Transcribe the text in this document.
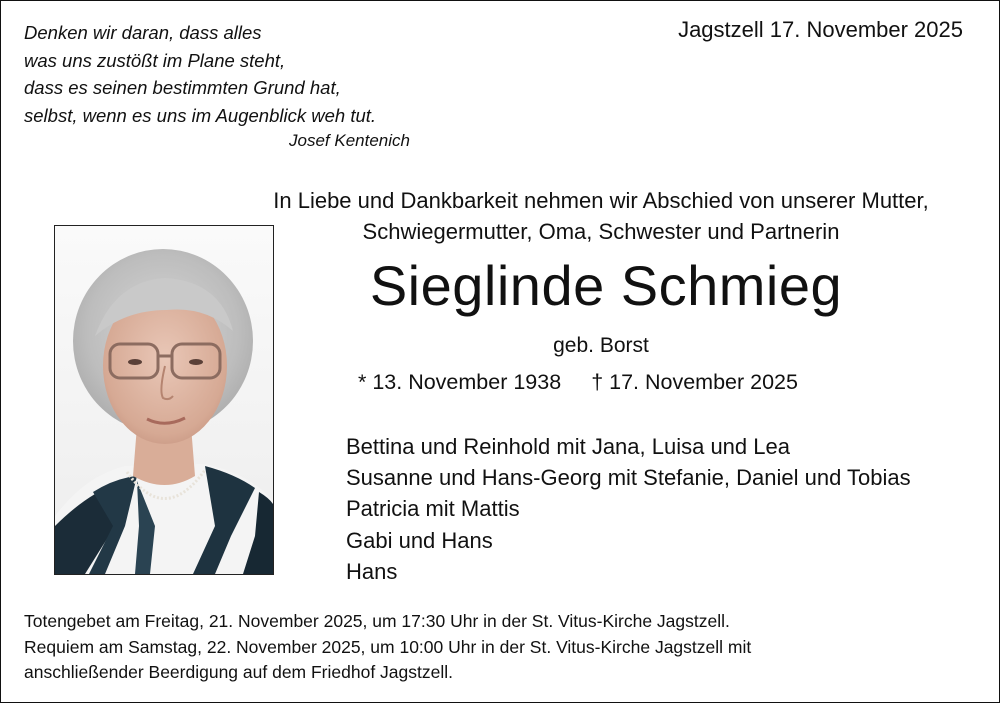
Denken wir daran, dass alles
was uns zustößt im Plane steht,
dass es seinen bestimmten Grund hat,
selbst, wenn es uns im Augenblick weh tut.
Josef Kentenich
Jagstzell 17. November 2025
In Liebe und Dankbarkeit nehmen wir Abschied von unserer Mutter,
Schwiegermutter, Oma, Schwester und Partnerin
Sieglinde Schmieg
geb. Borst
* 13. November 1938 † 17. November 2025
Bettina und Reinhold mit Jana, Luisa und Lea
Susanne und Hans-Georg mit Stefanie, Daniel und Tobias
Patricia mit Mattis
Gabi und Hans
Hans
Totengebet am Freitag, 21. November 2025, um 17:30 Uhr in der St. Vitus-Kirche Jagstzell.
Requiem am Samstag, 22. November 2025, um 10:00 Uhr in der St. Vitus-Kirche Jagstzell mit
anschließender Beerdigung auf dem Friedhof Jagstzell.
